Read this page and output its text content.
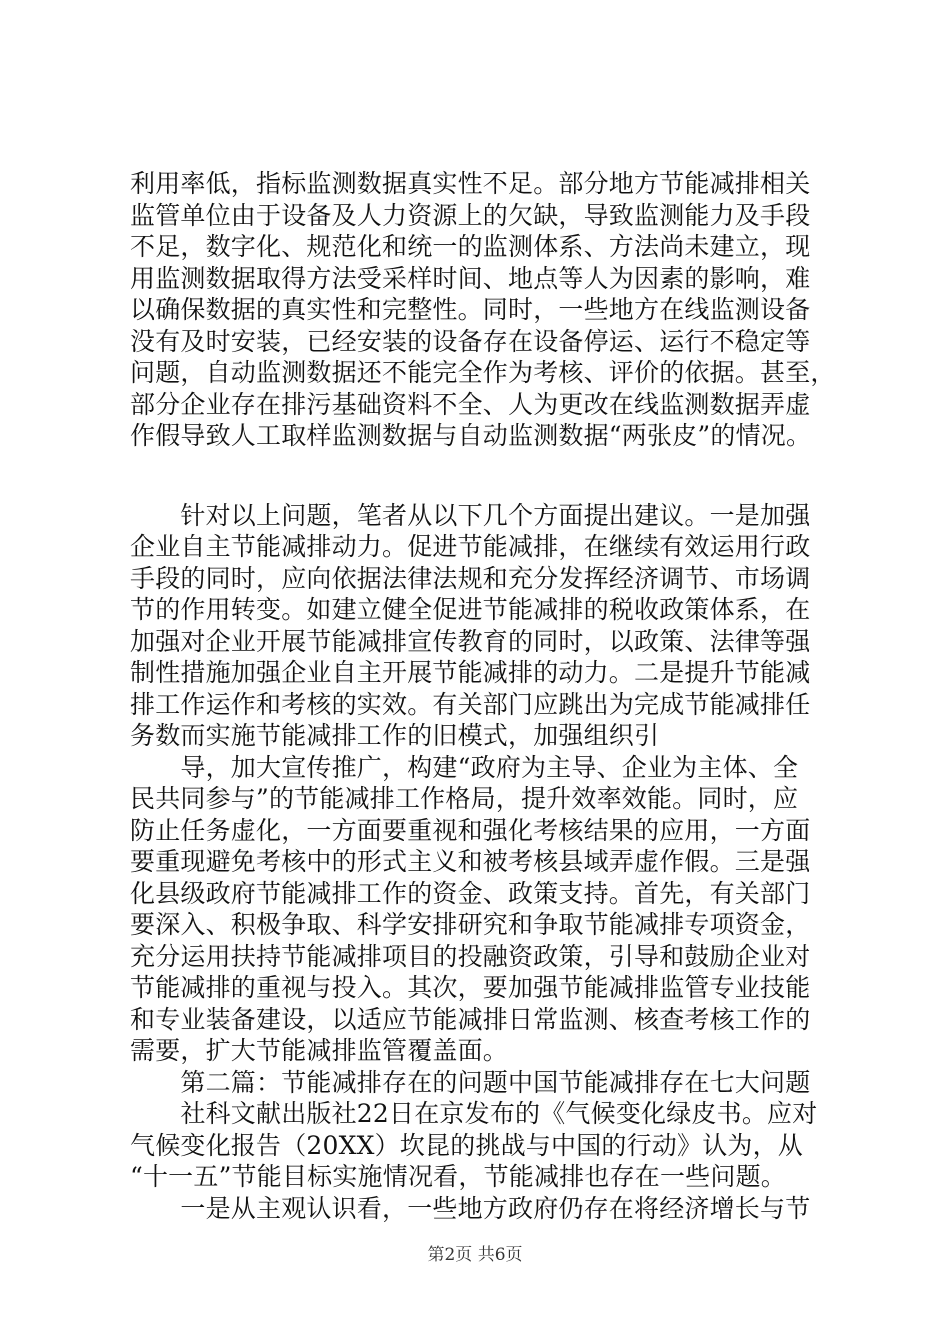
利用率低，指标监测数据真实性不足。部分地方节能减排相关
监管单位由于设备及人力资源上的欠缺，导致监测能力及手段
不足，数字化、规范化和统一的监测体系、方法尚未建立，现
用监测数据取得方法受采样时间、地点等人为因素的影响，难
以确保数据的真实性和完整性。同时，一些地方在线监测设备
没有及时安装，已经安装的设备存在设备停运、运行不稳定等
问题，自动监测数据还不能完全作为考核、评价的依据。甚至，
部分企业存在排污基础资料不全、人为更改在线监测数据弄虚
作假导致人工取样监测数据与自动监测数据“两张皮”的情况。
　　针对以上问题，笔者从以下几个方面提出建议。一是加强
企业自主节能减排动力。促进节能减排，在继续有效运用行政
手段的同时，应向依据法律法规和充分发挥经济调节、市场调
节的作用转变。如建立健全促进节能减排的税收政策体系，在
加强对企业开展节能减排宣传教育的同时，以政策、法律等强
制性措施加强企业自主开展节能减排的动力。二是提升节能减
排工作运作和考核的实效。有关部门应跳出为完成节能减排任
务数而实施节能减排工作的旧模式，加强组织引
　　导，加大宣传推广，构建“政府为主导、企业为主体、全
民共同参与”的节能减排工作格局，提升效率效能。同时，应
防止任务虚化，一方面要重视和强化考核结果的应用，一方面
要重现避免考核中的形式主义和被考核县域弄虚作假。三是强
化县级政府节能减排工作的资金、政策支持。首先，有关部门
要深入、积极争取、科学安排研究和争取节能减排专项资金，
充分运用扶持节能减排项目的投融资政策，引导和鼓励企业对
节能减排的重视与投入。其次，要加强节能减排监管专业技能
和专业装备建设，以适应节能减排日常监测、核查考核工作的
需要，扩大节能减排监管覆盖面。
　　第二篇：节能减排存在的问题中国节能减排存在七大问题
　　社科文献出版社22日在京发布的《气候变化绿皮书。应对
气候变化报告（20XX）坎昆的挑战与中国的行动》认为，从
“十一五”节能目标实施情况看，节能减排也存在一些问题。
　　一是从主观认识看，一些地方政府仍存在将经济增长与节
第2页 共6页
